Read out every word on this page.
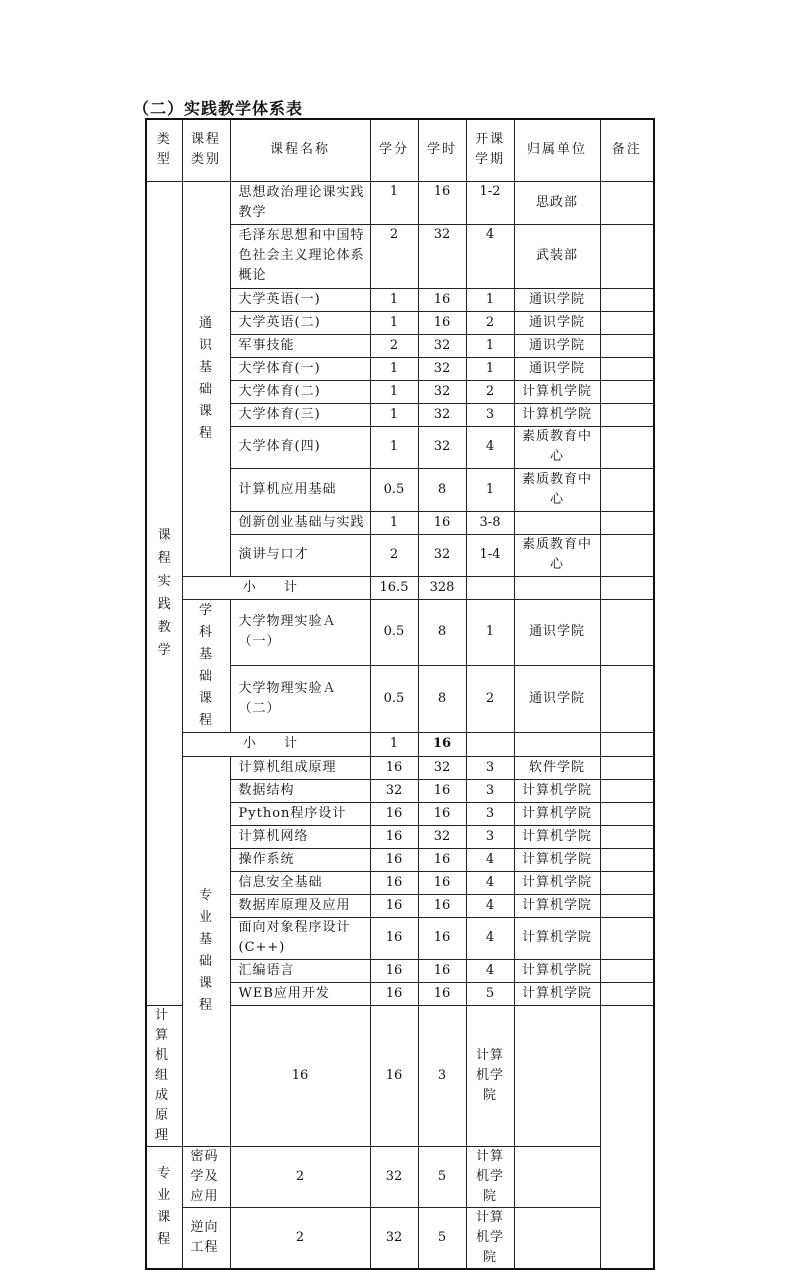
（二）实践教学体系表
类型	课程类别	课程名称	学分	学时	开课学期	归属单位	备注

课程实践教学	通识基础课程	思想政治理论课实践教学	1	16	1-2	思政部	
		毛泽东思想和中国特色社会主义理论体系概论	2	32	4	武装部	
		大学英语(一)	1	16	1	通识学院	
		大学英语(二)	1	16	2	通识学院	
		军事技能	2	32	1	通识学院	
		大学体育(一)	1	32	1	通识学院	
		大学体育(二)	1	32	2	计算机学院	
		大学体育(三)	1	32	3	计算机学院	
		大学体育(四)	1	32	4	素质教育中心	
		计算机应用基础	0.5	8	1	素质教育中心	
		创新创业基础与实践	1	16	3-8		
		演讲与口才	2	32	1-4	素质教育中心	
	小 计		16.5	328			

	学科基础课程	大学物理实验Ａ（一）	0.5	8	1	通识学院	
		大学物理实验Ａ（二）	0.5	8	2	通识学院	
	小 计		1	16			

	专业基础课程	计算机组成原理	16	32	3	软件学院	
		数据结构	32	16	3	计算机学院	
		Python程序设计	16	16	3	计算机学院	
		计算机网络	16	32	3	计算机学院	
		操作系统	16	16	4	计算机学院	
		信息安全基础	16	16	4	计算机学院	
		数据库原理及应用	16	16	4	计算机学院	
		面向对象程序设计(C++)	16	16	4	计算机学院	
		汇编语言	16	16	4	计算机学院	
		WEB应用开发	16	16	5	计算机学院	
计算机组成原理		16	16	3	计算机学院		

专业课程	密码学及应用	2	32	5	计算机学院		
	逆向工程	2	32	5	计算机学院		
